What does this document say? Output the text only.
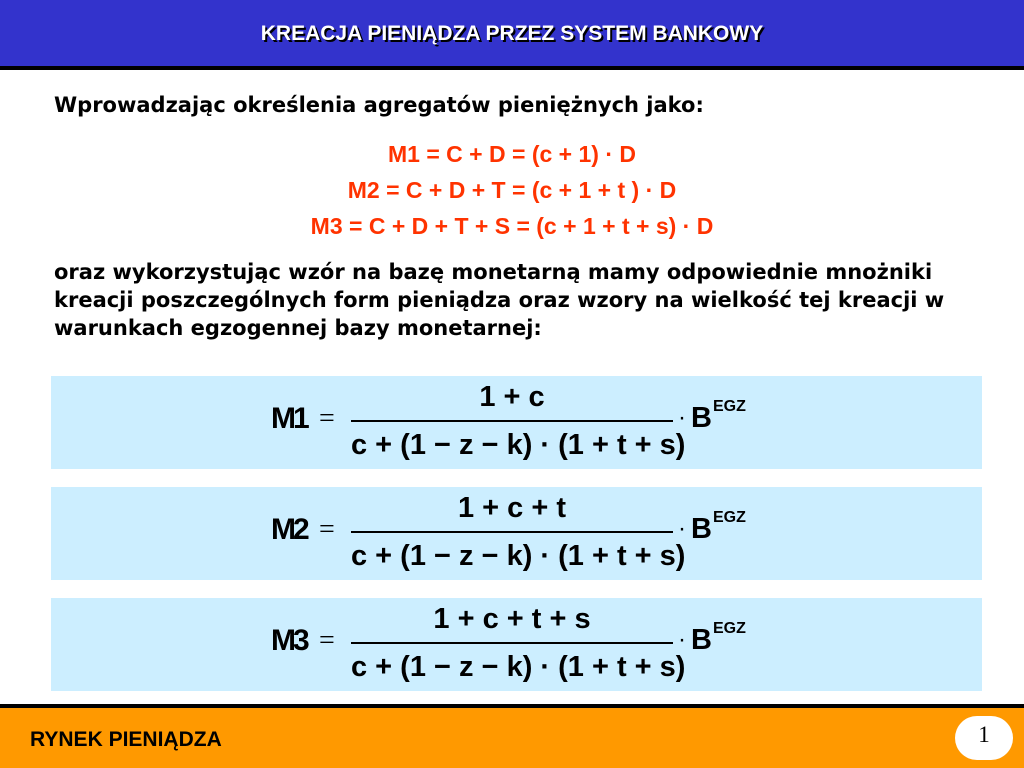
KREACJA PIENIĄDZA PRZEZ SYSTEM BANKOWY
Wprowadzając określenia agregatów pieniężnych jako:
M1 = C + D = (c + 1) · D
M2 = C + D + T = (c + 1 + t ) · D
M3 = C + D + T + S = (c + 1 + t + s) · D
oraz wykorzystując wzór na bazę monetarną mamy odpowiednie mnożniki kreacji poszczególnych form pieniądza oraz wzory na wielkość tej kreacji w warunkach egzogennej bazy monetarnej:
M1 =
1 + c
c + (1 − z − k) · (1 + t + s)
· B EGZ
M2 =
1 + c + t
c + (1 − z − k) · (1 + t + s)
· B EGZ
M3 =
1 + c + t + s
c + (1 − z − k) · (1 + t + s)
· B EGZ
RYNEK PIENIĄDZA	1
